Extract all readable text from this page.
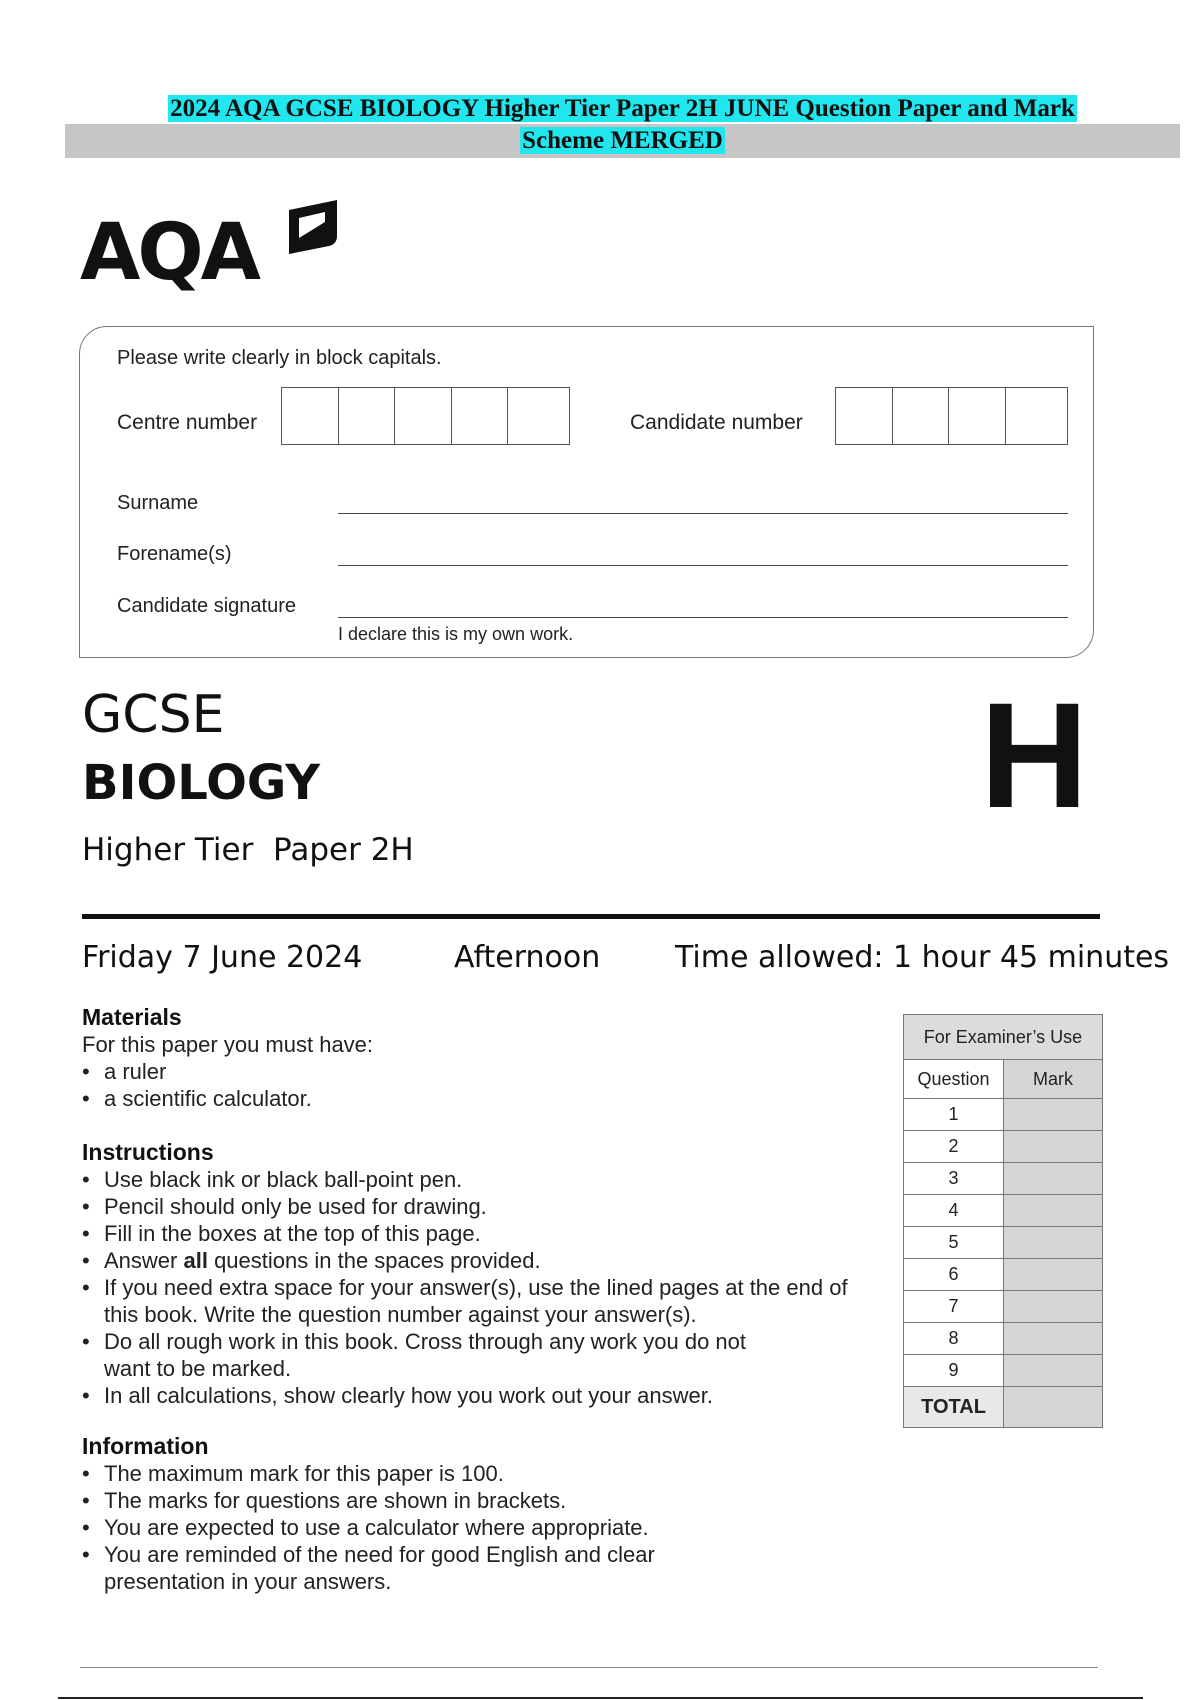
2024 AQA GCSE BIOLOGY Higher Tier Paper 2H JUNE Question Paper and Mark
Scheme MERGED
AQA
Please write clearly in block capitals.
Centre number	Candidate number
Surname
Forename(s)
Candidate signature
I declare this is my own work.
GCSE
BIOLOGY
Higher Tier  Paper 2H
H
Friday 7 June 2024	Afternoon Time allowed: 1 hour 45 minutes
Materials

For this paper you must have:

• a ruler
• a scientific calculator.
Instructions
• Use black ink or black ball-point pen.
• Pencil should only be used for drawing.
• Fill in the boxes at the top of this page.
• Answer all questions in the spaces provided.
• If you need extra space for your answer(s), use the lined pages at the end of this book. Write the question number against your answer(s).
• Do all rough work in this book. Cross through any work you do not want to be marked.
• In all calculations, show clearly how you work out your answer.
Information
• The maximum mark for this paper is 100.
• The marks for questions are shown in brackets.
• You are expected to use a calculator where appropriate.
• You are reminded of the need for good English and clear presentation in your answers.
For Examiner’s Use	
Question	Mark
1	
2	
3	
4	
5	
6	
7	
8	
9	
TOTAL	
